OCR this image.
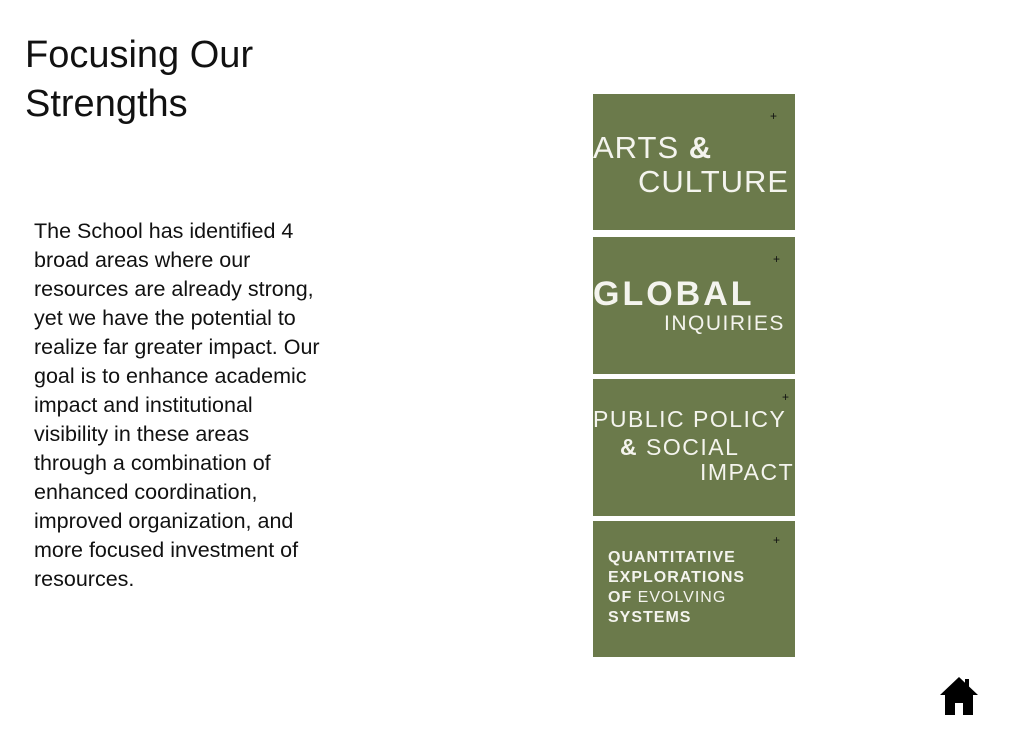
Focusing Our
Strengths
The School has identified 4
broad areas where our
resources are already strong,
yet we have the potential to
realize far greater impact. Our
goal is to enhance academic
impact and institutional
visibility in these areas
through a combination of
enhanced coordination,
improved organization, and
more focused investment of
resources.
+
ARTS &
CULTURE
+
GLOBAL
INQUIRIES
+
PUBLIC POLICY
& SOCIAL
IMPACT
+
QUANTITATIVE
EXPLORATIONS
OF EVOLVING
SYSTEMS
